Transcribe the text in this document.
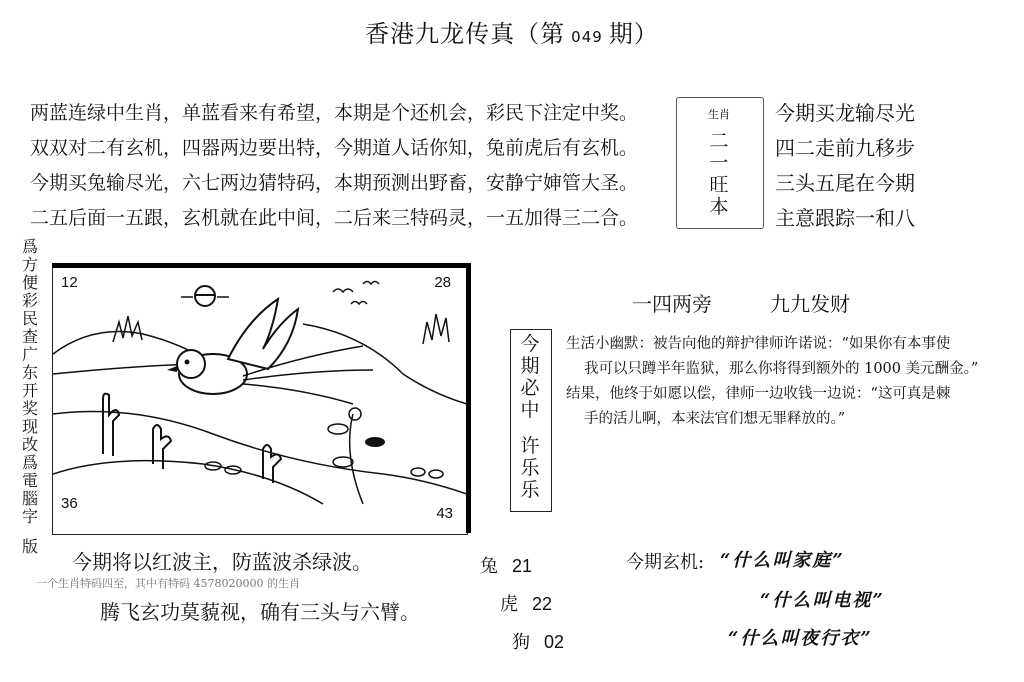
香港九龙传真（第 049 期）
两蓝连绿中生肖，单蓝看来有希望，本期是个还机会，彩民下注定中奖。
双双对二有玄机，四器两边要出特，今期道人话你知，兔前虎后有玄机。
今期买兔输尽光，六七两边猜特码，本期预测出野畜，安静宁婶管大圣。
二五后面一五跟，玄机就在此中间，二后来三特码灵，一五加得三二合。
生肖
二
一
旺
本
今期买龙输尽光
四二走前九移步
三头五尾在今期
主意跟踪一和八
爲方便彩民查广东开奖现改爲電腦字
版
12	28
36
43
一四两旁	九九发财
今
期
必
中
许
乐
乐

生活小幽默：被告向他的辩护律师许诺说：“如果你有本事使

我可以只蹲半年监狱，那么你将得到额外的 1000 美元酬金。”

结果，他终于如愿以偿，律师一边收钱一边说：“这可真是棘

手的活儿啊，本来法官们想无罪释放的。”

今期将以红波主，防蓝波杀绿波。
一个生肖特码四至，其中有特码 4578020000 的生肖
腾飞玄功莫藐视，确有三头与六臂。
兔 21
虎 22
狗 02
今期玄机: “什么叫家庭”
“什么叫电视”
“什么叫夜行衣”
